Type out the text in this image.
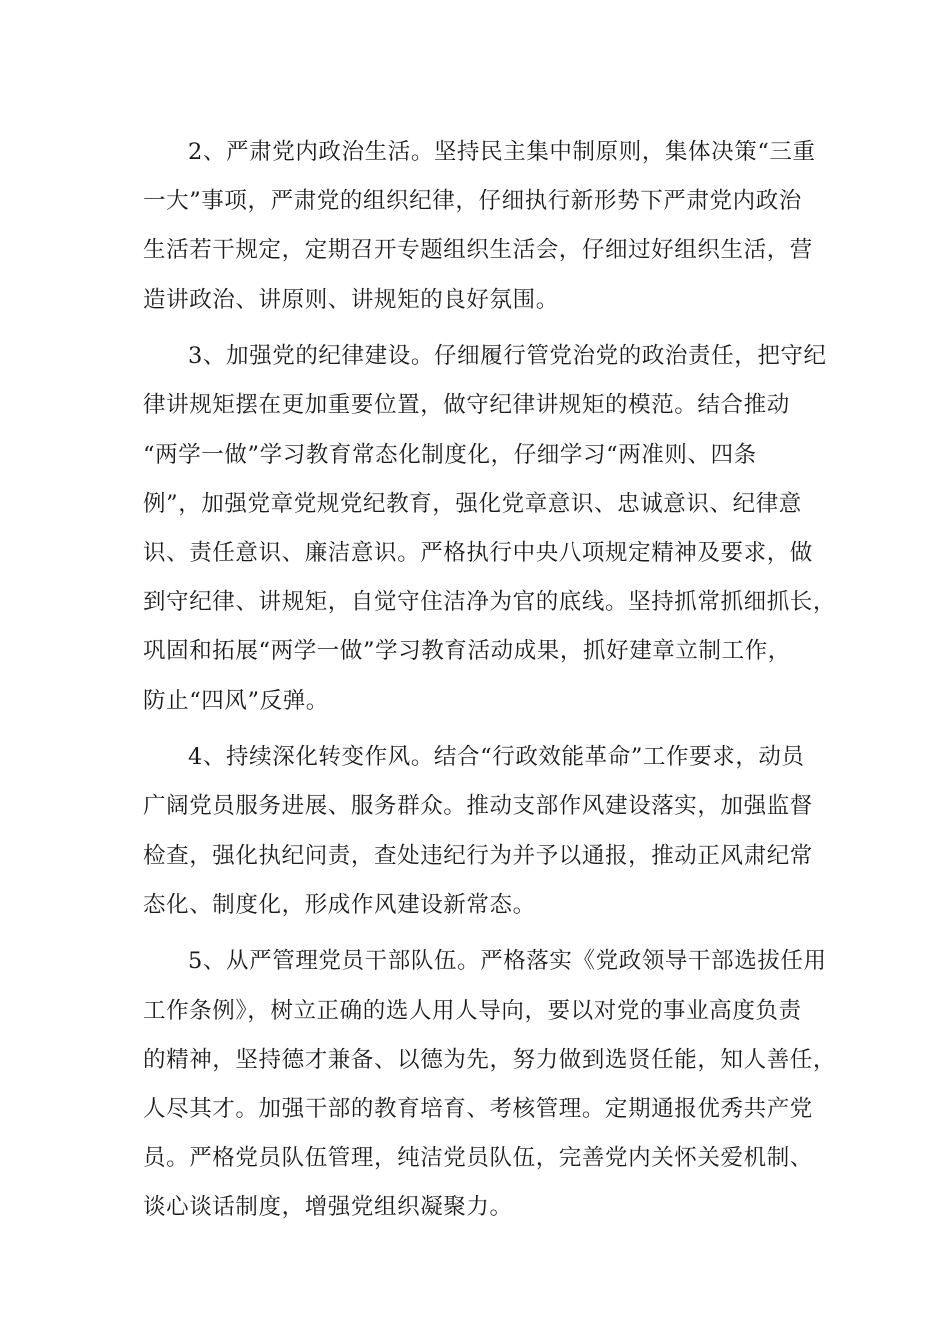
2、严肃党内政治生活。坚持民主集中制原则，集体决策“三重
一大”事项，严肃党的组织纪律，仔细执行新形势下严肃党内政治
生活若干规定，定期召开专题组织生活会，仔细过好组织生活，营
造讲政治、讲原则、讲规矩的良好氛围。

3、加强党的纪律建设。仔细履行管党治党的政治责任，把守纪
律讲规矩摆在更加重要位置，做守纪律讲规矩的模范。结合推动
“两学一做”学习教育常态化制度化，仔细学习“两准则、四条
例”，加强党章党规党纪教育，强化党章意识、忠诚意识、纪律意
识、责任意识、廉洁意识。严格执行中央八项规定精神及要求，做
到守纪律、讲规矩，自觉守住洁净为官的底线。坚持抓常抓细抓长，
巩固和拓展“两学一做”学习教育活动成果，抓好建章立制工作，
防止“四风”反弹。

4、持续深化转变作风。结合“行政效能革命”工作要求，动员
广阔党员服务进展、服务群众。推动支部作风建设落实，加强监督
检查，强化执纪问责，查处违纪行为并予以通报，推动正风肃纪常
态化、制度化，形成作风建设新常态。

5、从严管理党员干部队伍。严格落实《党政领导干部选拔任用
工作条例》，树立正确的选人用人导向，要以对党的事业高度负责
的精神，坚持德才兼备、以德为先，努力做到选贤任能，知人善任，
人尽其才。加强干部的教育培育、考核管理。定期通报优秀共产党
员。严格党员队伍管理，纯洁党员队伍，完善党内关怀关爱机制、
谈心谈话制度，增强党组织凝聚力。
